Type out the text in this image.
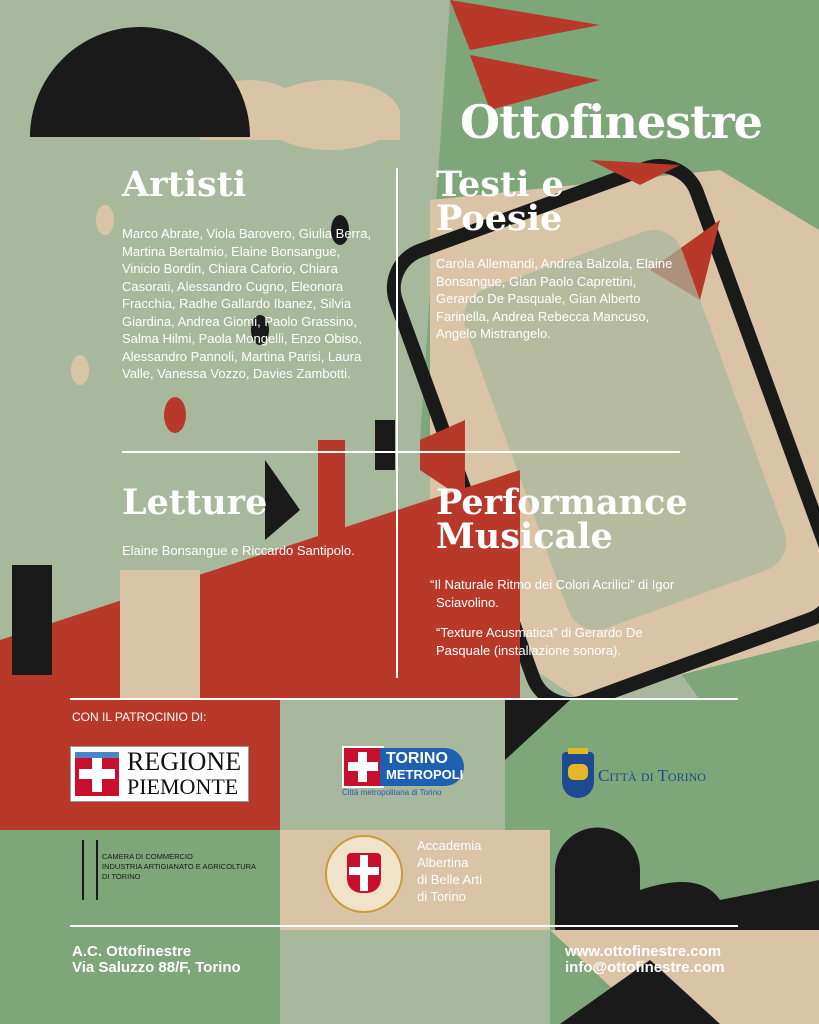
Ottofinestre
Artisti
Marco Abrate, Viola Barovero, Giulia Berra, Martina Bertalmio, Elaine Bonsangue, Vinicio Bordin, Chiara Caforio, Chiara Casorati, Alessandro Cugno, Eleonora Fracchia, Radhe Gallardo Ibanez, Silvia Giardina, Andrea Giomi, Paolo Grassino, Salma Hilmi, Paola Mongelli, Enzo Obiso, Alessandro Pannoli, Martina Parisi, Laura Valle, Vanessa Vozzo, Davies Zambotti.
Testi e
Poesie
Carola Allemandi, Andrea Balzola, Elaine Bonsangue, Gian Paolo Caprettini, Gerardo De Pasquale, Gian Alberto Farinella, Andrea Rebecca Mancuso, Angelo Mistrangelo.
Letture
Elaine Bonsangue e Riccardo Santipolo.
Performance
Musicale
“Il Naturale Ritmo dei Colori Acrilici” di Igor Sciavolino.
“Texture Acusmatica” di Gerardo De Pasquale (installazione sonora).
CON IL PATROCINIO DI:
REGIONE
PIEMONTE
TORINO
METROPOLI
Città metropolitana di Torino
Città di Torino
CAMERA DI COMMERCIO
INDUSTRIA ARTIGIANATO E AGRICOLTURA
DI TORINO
Accademia
Albertina
di Belle Arti
di Torino
A.C. Ottofinestre
Via Saluzzo 88/F, Torino
www.ottofinestre.com
info@ottofinestre.com
